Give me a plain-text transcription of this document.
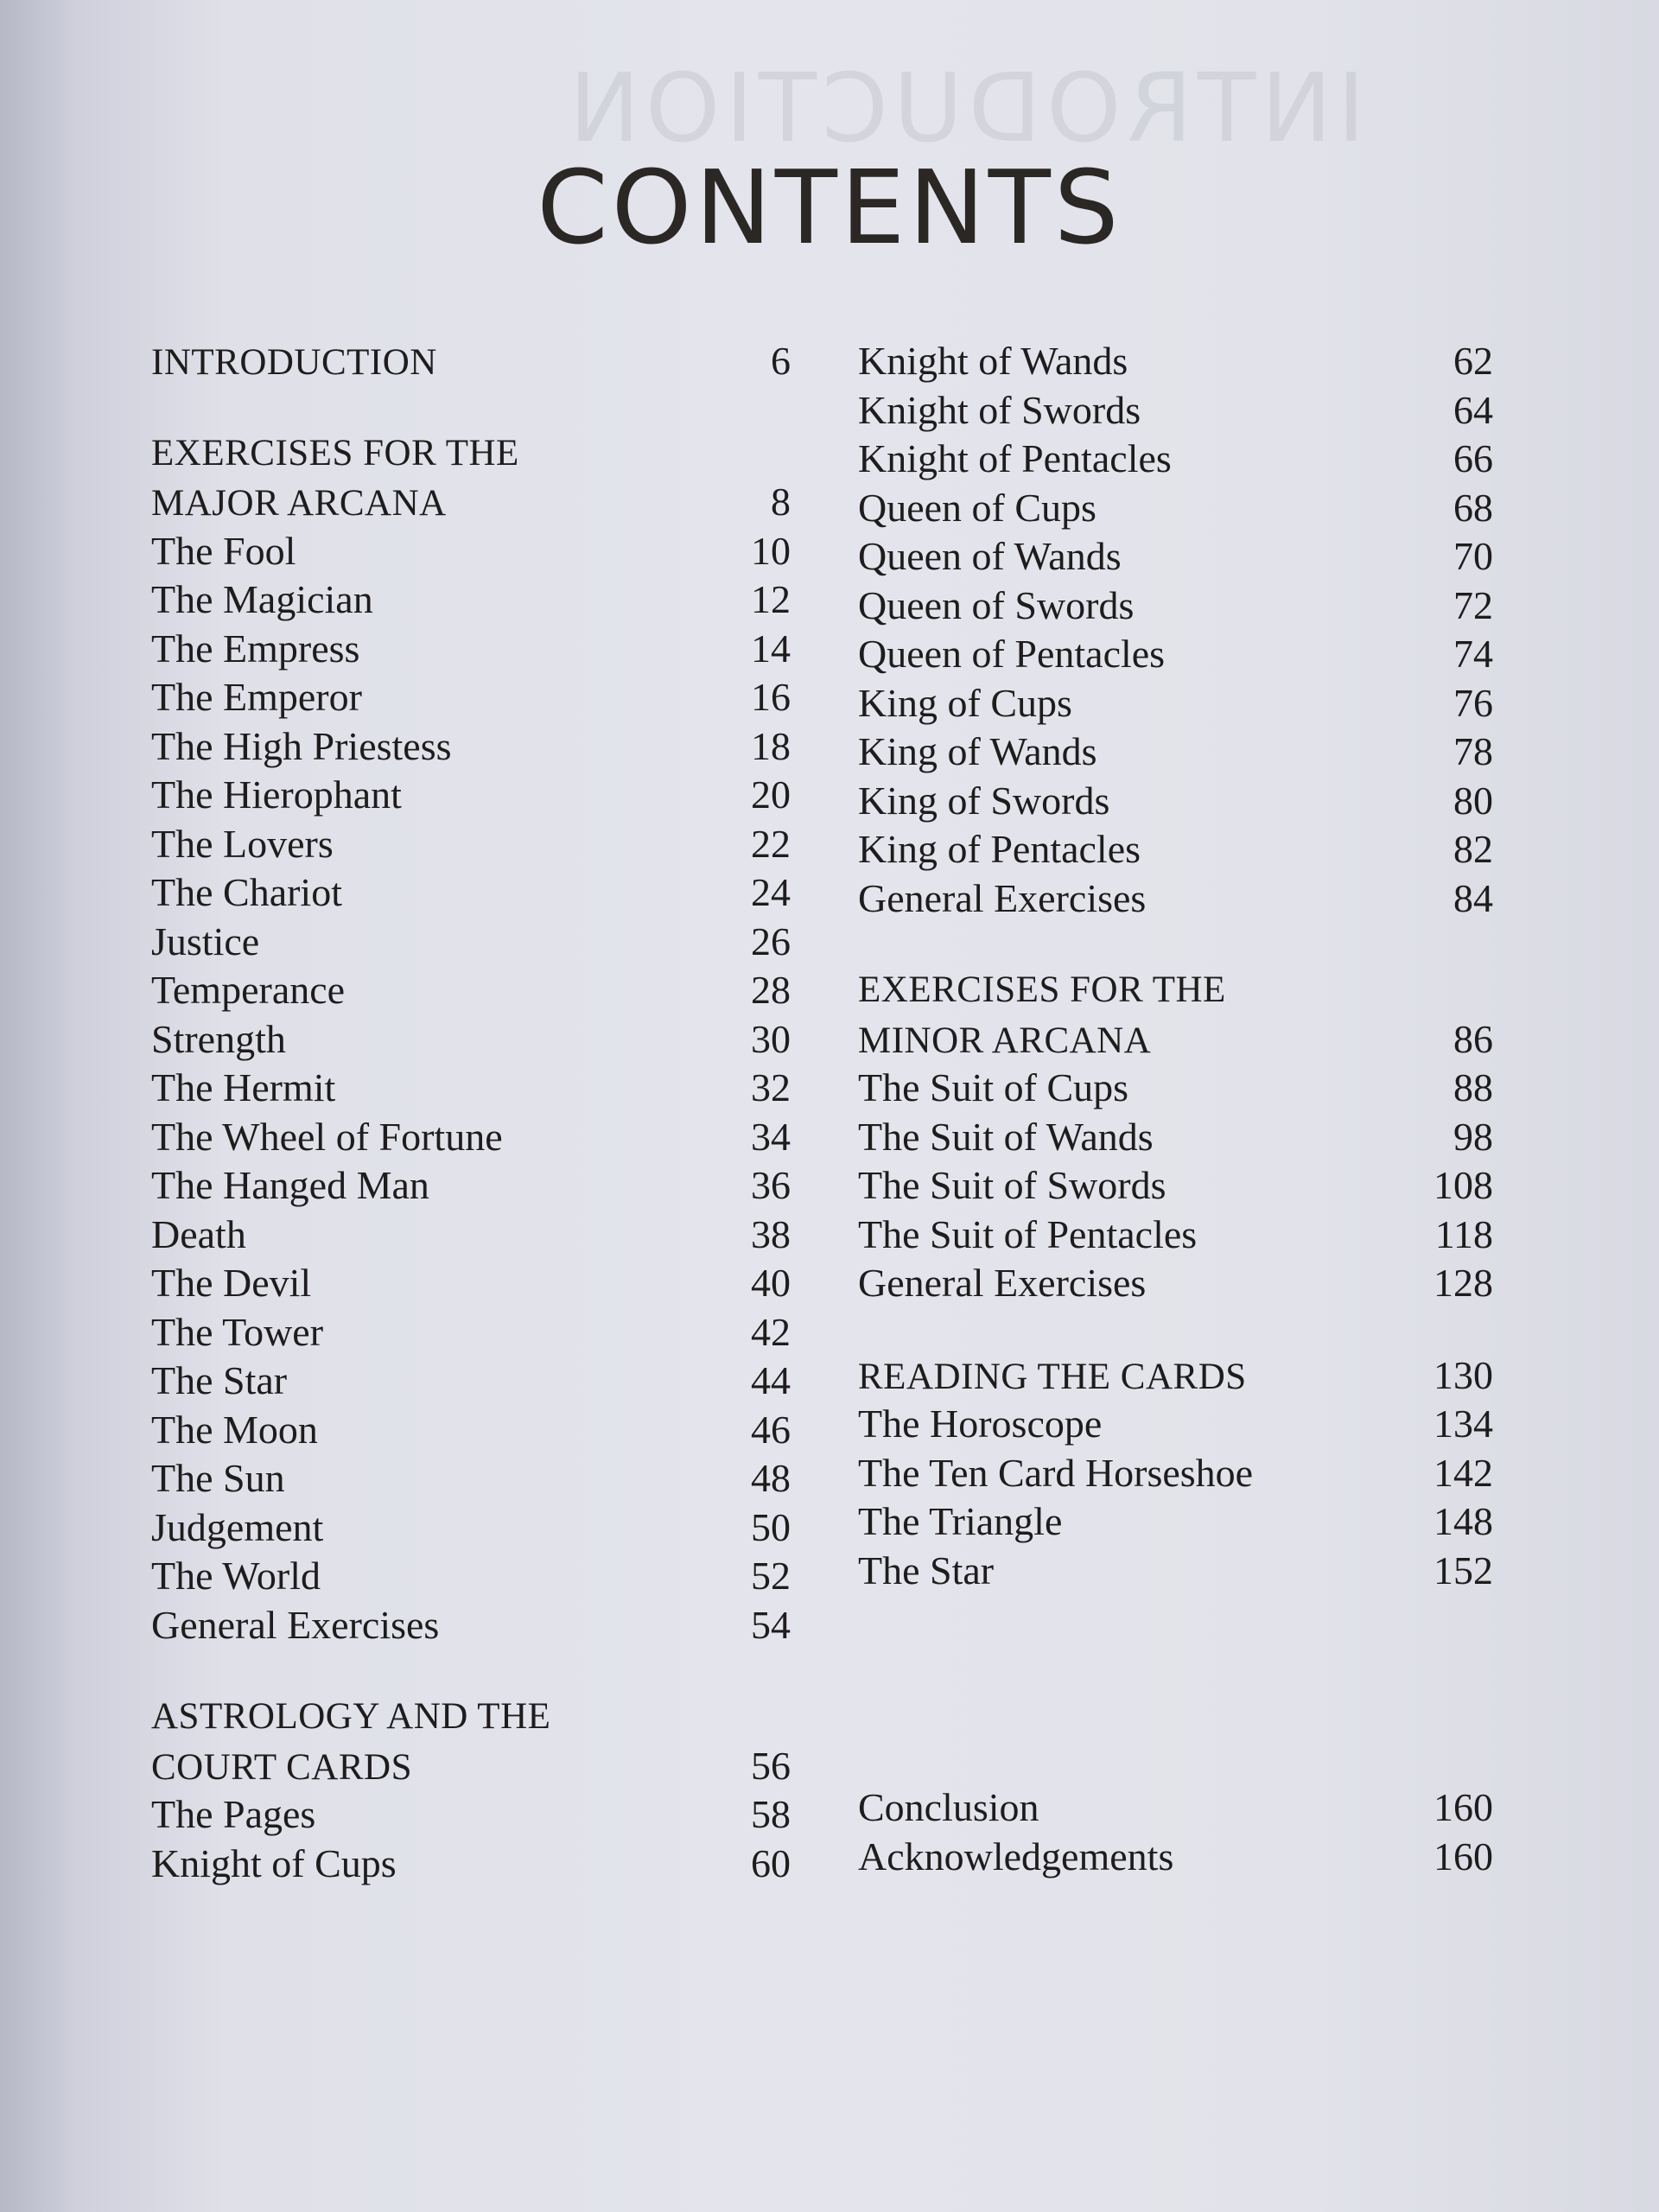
INTRODUCTION
CONTENTS
INTRODUCTION	6
EXERCISES FOR THE
MAJOR ARCANA	8
The Fool	10
The Magician	12
The Empress	14
The Emperor	16
The High Priestess	18
The Hierophant	20
The Lovers	22
The Chariot	24
Justice	26
Temperance	28
Strength	30
The Hermit	32
The Wheel of Fortune	34
The Hanged Man	36
Death	38
The Devil	40
The Tower	42
The Star	44
The Moon	46
The Sun	48
Judgement	50
The World	52
General Exercises	54
ASTROLOGY AND THE
COURT CARDS	56
The Pages	58
Knight of Cups	60
Knight of Wands	62
Knight of Swords	64
Knight of Pentacles	66
Queen of Cups	68
Queen of Wands	70
Queen of Swords	72
Queen of Pentacles	74
King of Cups	76
King of Wands	78
King of Swords	80
King of Pentacles	82
General Exercises	84
EXERCISES FOR THE
MINOR ARCANA	86
The Suit of Cups	88
The Suit of Wands	98
The Suit of Swords	108
The Suit of Pentacles	118
General Exercises	128
READING THE CARDS	130
The Horoscope	134
The Ten Card Horseshoe	142
The Triangle	148
The Star	152
Conclusion	160
Acknowledgements	160
